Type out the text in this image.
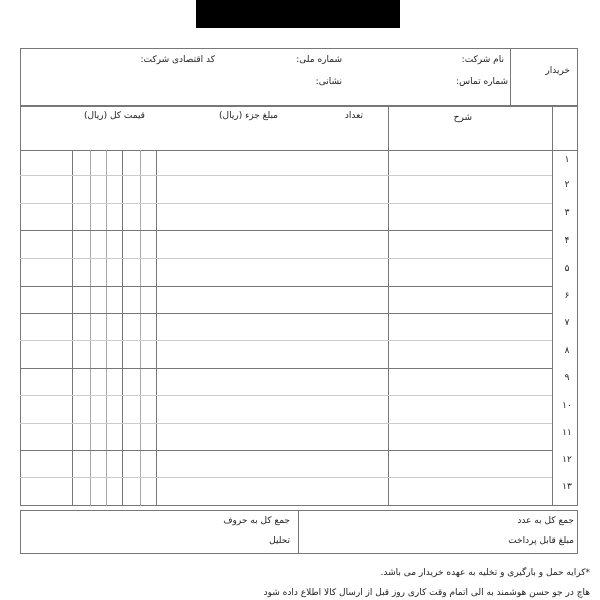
خریدار
نام شرکت:
شماره تماس:
شماره ملی:
نشانی:
کد اقتصادی شرکت:
شرح
تعداد
مبلغ جزء (ریال)
قیمت کل (ریال)
۱
۲
۳
۴
۵
۶
۷
۸
۹
۱۰
۱۱
۱۲
۱۳
جمع کل به عدد
مبلغ قابل پرداخت
جمع کل به حروف
تحلیل
*کرایه حمل و بارگیری و تخلیه به عهده خریدار می باشد.
هاچ در جو حسن هوشمند به الی اتمام وقت کاری روز قبل از ارسال کالا اطلاع داده شود
